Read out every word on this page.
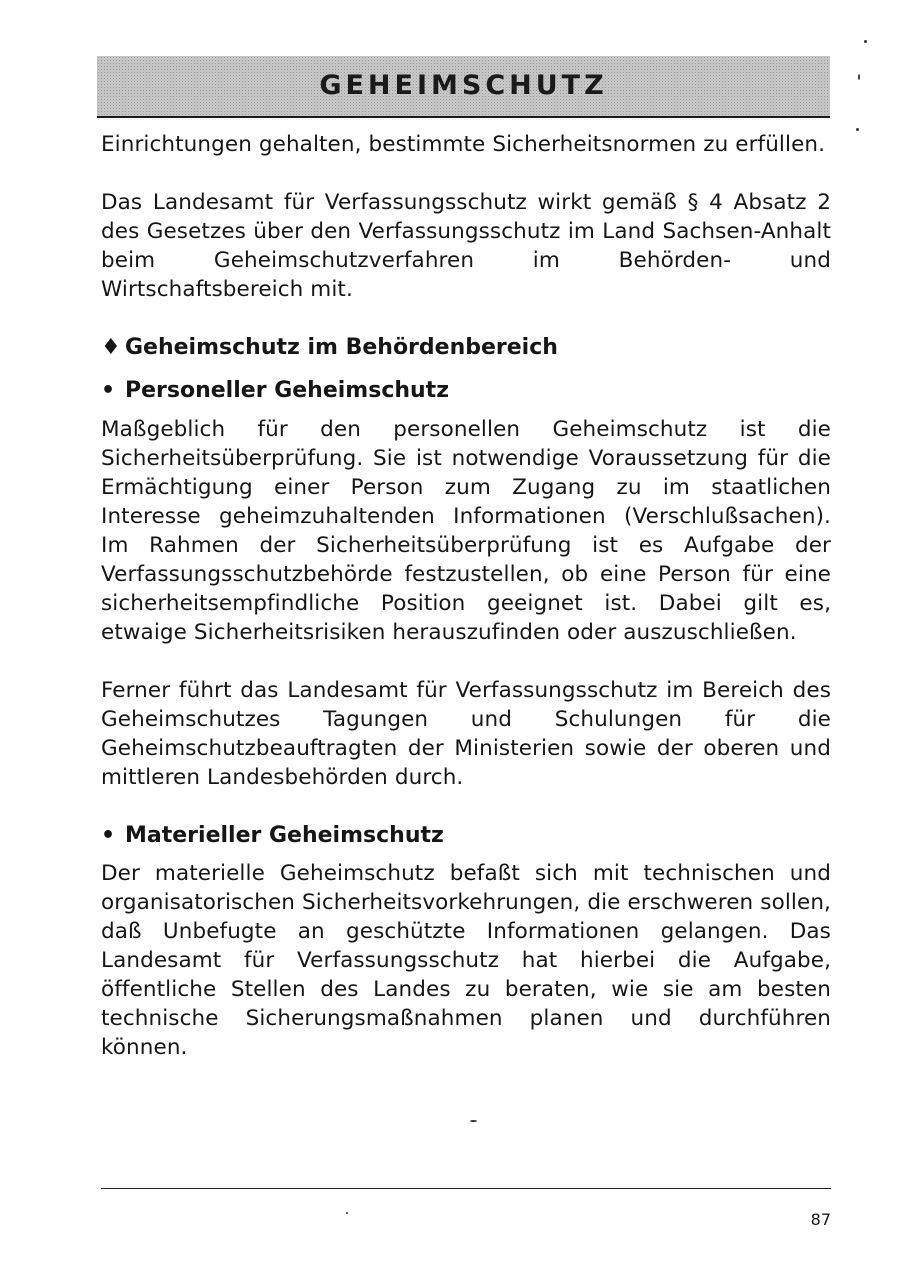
GEHEIMSCHUTZ

Einrichtungen gehalten, bestimmte Sicherheitsnormen zu erfüllen.

Das Landesamt für Verfassungsschutz wirkt gemäß § 4 Absatz 2 des Gesetzes über den Verfassungsschutz im Land Sachsen-Anhalt beim Geheimschutzverfahren im Behörden- und Wirtschaftsbereich mit.

♦ Geheimschutz im Behördenbereich
• Personeller Geheimschutz

Maßgeblich für den personellen Geheimschutz ist die Sicherheitsüberprüfung. Sie ist notwendige Voraussetzung für die Ermächtigung einer Person zum Zugang zu im staatlichen Interesse geheimzuhaltenden Informationen (Verschlußsachen). Im Rahmen der Sicherheitsüberprüfung ist es Aufgabe der Verfassungsschutzbehörde festzustellen, ob eine Person für eine sicherheitsempfindliche Position geeignet ist. Dabei gilt es, etwaige Sicherheitsrisiken herauszufinden oder auszuschließen.

Ferner führt das Landesamt für Verfassungsschutz im Bereich des Geheimschutzes Tagungen und Schulungen für die Geheimschutzbeauftragten der Ministerien sowie der oberen und mittleren Landesbehörden durch.

• Materieller Geheimschutz

Der materielle Geheimschutz befaßt sich mit technischen und organisatorischen Sicherheitsvorkehrungen, die erschweren sollen, daß Unbefugte an geschützte Informationen gelangen. Das Landesamt für Verfassungsschutz hat hierbei die Aufgabe, öffentliche Stellen des Landes zu beraten, wie sie am besten technische Sicherungsmaßnahmen planen und durchführen können.

87
